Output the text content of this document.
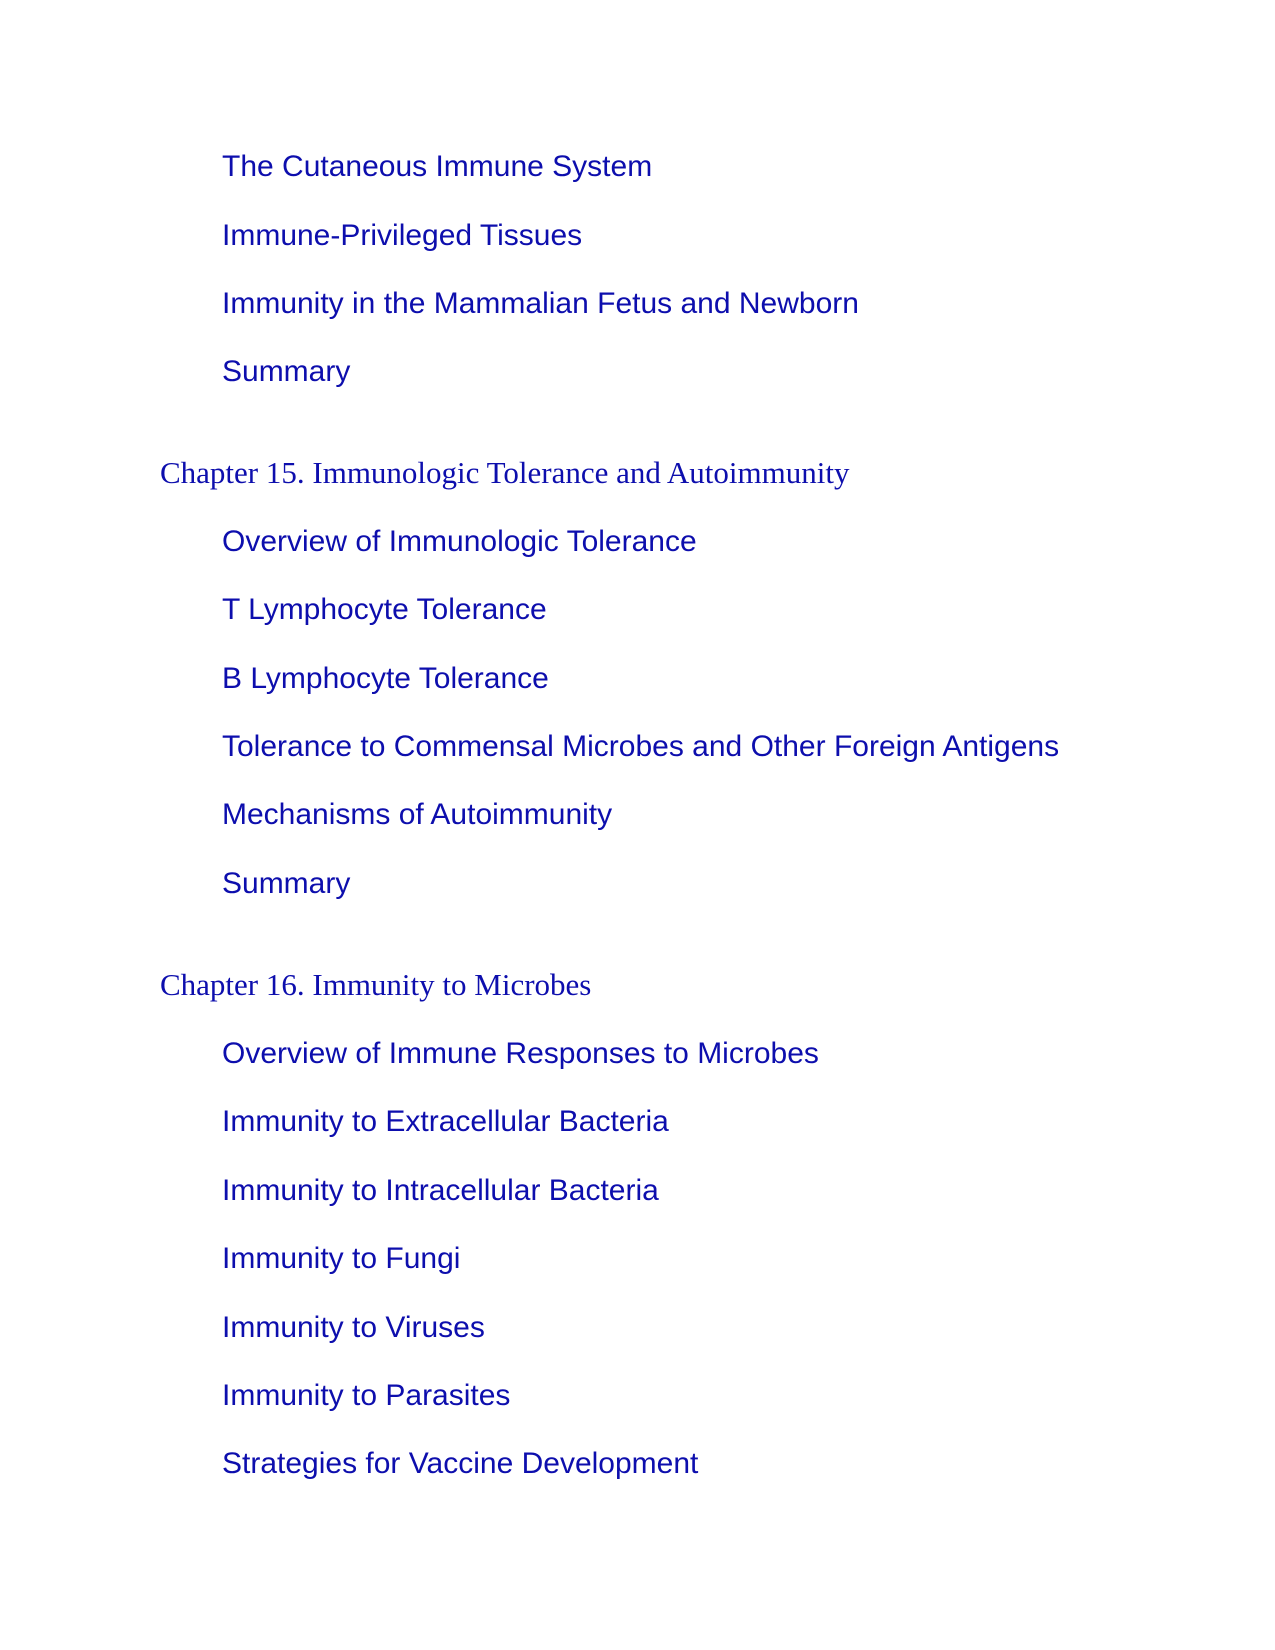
The Cutaneous Immune System
Immune-Privileged Tissues
Immunity in the Mammalian Fetus and Newborn
Summary
Chapter 15. Immunologic Tolerance and Autoimmunity
Overview of Immunologic Tolerance
T Lymphocyte Tolerance
B Lymphocyte Tolerance
Tolerance to Commensal Microbes and Other Foreign Antigens
Mechanisms of Autoimmunity
Summary
Chapter 16. Immunity to Microbes
Overview of Immune Responses to Microbes
Immunity to Extracellular Bacteria
Immunity to Intracellular Bacteria
Immunity to Fungi
Immunity to Viruses
Immunity to Parasites
Strategies for Vaccine Development
